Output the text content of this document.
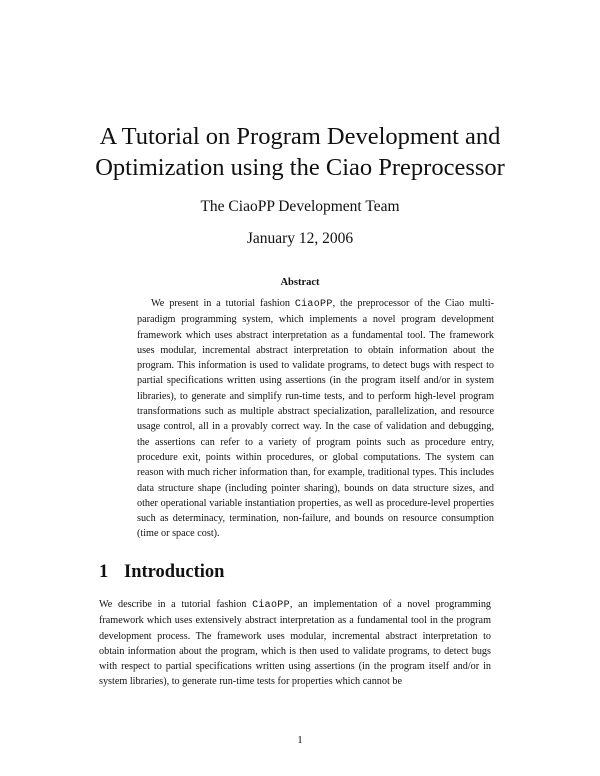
A Tutorial on Program Development and Optimization using the Ciao Preprocessor
The CiaoPP Development Team
January 12, 2006
Abstract

We present in a tutorial fashion CiaoPP, the preprocessor of the Ciao multi-paradigm programming system, which implements a novel program development framework which uses abstract interpretation as a fundamental tool. The framework uses modular, incremental abstract interpretation to obtain information about the program. This information is used to validate programs, to detect bugs with respect to partial specifications written using assertions (in the program itself and/or in system libraries), to generate and simplify run-time tests, and to perform high-level program transformations such as multiple abstract specialization, parallelization, and resource usage control, all in a provably correct way. In the case of validation and debugging, the assertions can refer to a variety of program points such as procedure entry, procedure exit, points within procedures, or global computations. The system can reason with much richer information than, for example, traditional types. This includes data structure shape (including pointer sharing), bounds on data structure sizes, and other operational variable instantiation properties, as well as procedure-level properties such as determinacy, termination, non-failure, and bounds on resource consumption (time or space cost).

1 Introduction

We describe in a tutorial fashion CiaoPP, an implementation of a novel programming framework which uses extensively abstract interpretation as a fundamental tool in the program development process. The framework uses modular, incremental abstract interpretation to obtain information about the program, which is then used to validate programs, to detect bugs with respect to partial specifications written using assertions (in the program itself and/or in system libraries), to generate run-time tests for properties which cannot be

1
